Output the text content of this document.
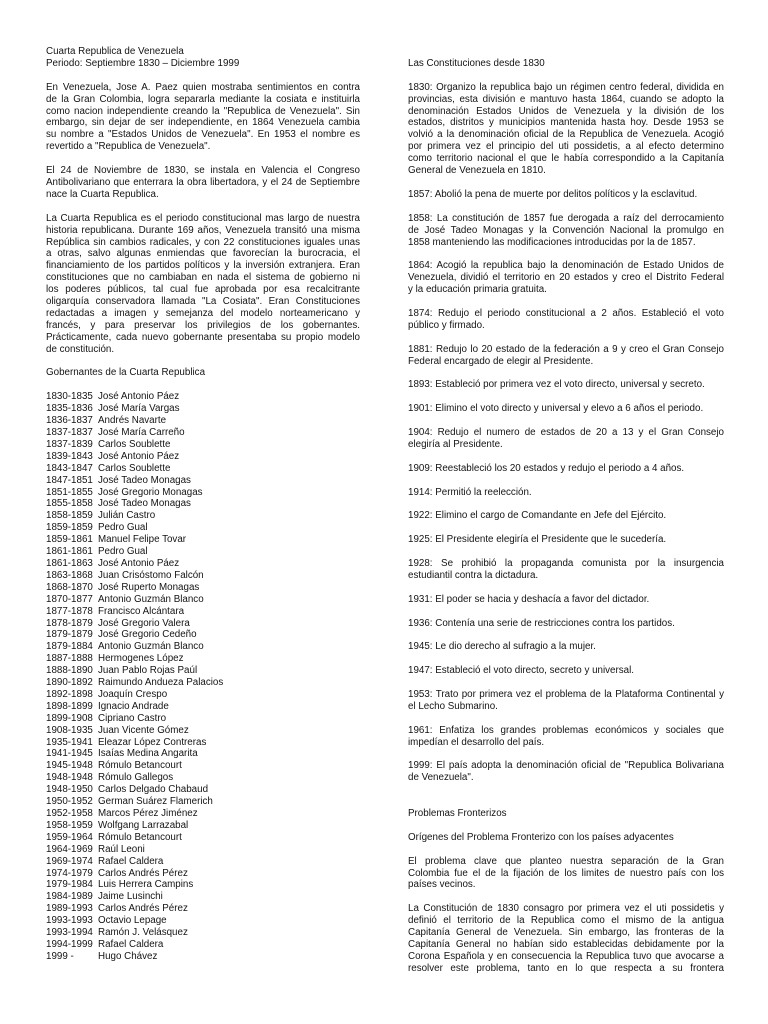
Cuarta Republica de Venezuela
Periodo: Septiembre 1830 – Diciembre 1999
En Venezuela, Jose A. Paez quien mostraba sentimientos en contra
de la Gran Colombia, logra separarla mediante la cosiata e instituirla
como nacion independiente creando la "Republica de Venezuela". Sin
embargo, sin dejar de ser independiente, en 1864 Venezuela cambia
su nombre a "Estados Unidos de Venezuela". En 1953 el nombre es
revertido a "Republica de Venezuela".
El 24 de Noviembre de 1830, se instala en Valencia el Congreso
Antibolivariano que enterrara la obra libertadora, y el 24 de Septiembre
nace la Cuarta Republica.
La Cuarta Republica es el periodo constitucional mas largo de nuestra
historia republicana. Durante 169 años, Venezuela transitó una misma
República sin cambios radicales, y con 22 constituciones iguales unas
a otras, salvo algunas enmiendas que favorecían la burocracia, el
financiamiento de los partidos políticos y la inversión extranjera. Eran
constituciones que no cambiaban en nada el sistema de gobierno ni
los poderes públicos, tal cual fue aprobada por esa recalcitrante
oligarquía conservadora llamada "La Cosiata". Eran Constituciones
redactadas a imagen y semejanza del modelo norteamericano y
francés, y para preservar los privilegios de los gobernantes.
Prácticamente, cada nuevo gobernante presentaba su propio modelo
de constitución.
Gobernantes de la Cuarta Republica
1830-1835 José Antonio Páez
1835-1836 José María Vargas
1836-1837 Andrés Navarte
1837-1837 José María Carreño
1837-1839 Carlos Soublette
1839-1843 José Antonio Páez
1843-1847 Carlos Soublette
1847-1851 José Tadeo Monagas
1851-1855 José Gregorio Monagas
1855-1858 José Tadeo Monagas
1858-1859 Julián Castro
1859-1859 Pedro Gual
1859-1861 Manuel Felipe Tovar
1861-1861 Pedro Gual
1861-1863 José Antonio Páez
1863-1868 Juan Crisóstomo Falcón
1868-1870 José Ruperto Monagas
1870-1877 Antonio Guzmán Blanco
1877-1878 Francisco Alcántara
1878-1879 José Gregorio Valera
1879-1879 José Gregorio Cedeño
1879-1884 Antonio Guzmán Blanco
1887-1888 Hermogenes López
1888-1890 Juan Pablo Rojas Paúl
1890-1892 Raimundo Andueza Palacios
1892-1898 Joaquín Crespo
1898-1899 Ignacio Andrade
1899-1908 Cipriano Castro
1908-1935 Juan Vicente Gómez
1935-1941 Eleazar López Contreras
1941-1945 Isaías Medina Angarita
1945-1948 Rómulo Betancourt
1948-1948 Rómulo Gallegos
1948-1950 Carlos Delgado Chabaud
1950-1952 German Suárez Flamerich
1952-1958 Marcos Pérez Jiménez
1958-1959 Wolfgang Larrazabal
1959-1964 Rómulo Betancourt
1964-1969 Raúl Leoni
1969-1974 Rafael Caldera
1974-1979 Carlos Andrés Pérez
1979-1984 Luis Herrera Campins
1984-1989 Jaime Lusinchi
1989-1993 Carlos Andrés Pérez
1993-1993 Octavio Lepage
1993-1994 Ramón J. Velásquez
1994-1999 Rafael Caldera
1999 - Hugo Chávez
Las Constituciones desde 1830
1830: Organizo la republica bajo un régimen centro federal, dividida en
provincias, esta división e mantuvo hasta 1864, cuando se adopto la
denominación Estados Unidos de Venezuela y la división de los
estados, distritos y municipios mantenida hasta hoy. Desde 1953 se
volvió a la denominación oficial de la Republica de Venezuela. Acogió
por primera vez el principio del uti possidetis, a al efecto determino
como territorio nacional el que le había correspondido a la Capitanía
General de Venezuela en 1810.
1857: Abolió la pena de muerte por delitos políticos y la esclavitud.
1858: La constitución de 1857 fue derogada a raíz del derrocamiento
de José Tadeo Monagas y la Convención Nacional la promulgo en
1858 manteniendo las modificaciones introducidas por la de 1857.
1864: Acogió la republica bajo la denominación de Estado Unidos de
Venezuela, dividió el territorio en 20 estados y creo el Distrito Federal
y la educación primaria gratuita.
1874: Redujo el periodo constitucional a 2 años. Estableció el voto
público y firmado.
1881: Redujo lo 20 estado de la federación a 9 y creo el Gran Consejo
Federal encargado de elegir al Presidente.
1893: Estableció por primera vez el voto directo, universal y secreto.
1901: Elimino el voto directo y universal y elevo a 6 años el periodo.
1904: Redujo el numero de estados de 20 a 13 y el Gran Consejo
elegiría al Presidente.
1909: Reestableció los 20 estados y redujo el periodo a 4 años.
1914: Permitió la reelección.
1922: Elimino el cargo de Comandante en Jefe del Ejército.
1925: El Presidente elegiría el Presidente que le sucedería.
1928: Se prohibió la propaganda comunista por la insurgencia
estudiantil contra la dictadura.
1931: El poder se hacia y deshacía a favor del dictador.
1936: Contenía una serie de restricciones contra los partidos.
1945: Le dio derecho al sufragio a la mujer.
1947: Estableció el voto directo, secreto y universal.
1953: Trato por primera vez el problema de la Plataforma Continental y
el Lecho Submarino.
1961: Enfatiza los grandes problemas económicos y sociales que
impedían el desarrollo del país.
1999: El país adopta la denominación oficial de "Republica Bolivariana
de Venezuela".
Problemas Fronterizos
Orígenes del Problema Fronterizo con los países adyacentes
El problema clave que planteo nuestra separación de la Gran
Colombia fue el de la fijación de los limites de nuestro país con los
países vecinos.
La Constitución de 1830 consagro por primera vez el uti possidetis y
definió el territorio de la Republica como el mismo de la antigua
Capitanía General de Venezuela. Sin embargo, las fronteras de la
Capitanía General no habían sido establecidas debidamente por la
Corona Española y en consecuencia la Republica tuvo que avocarse a
resolver este problema, tanto en lo que respecta a su frontera
